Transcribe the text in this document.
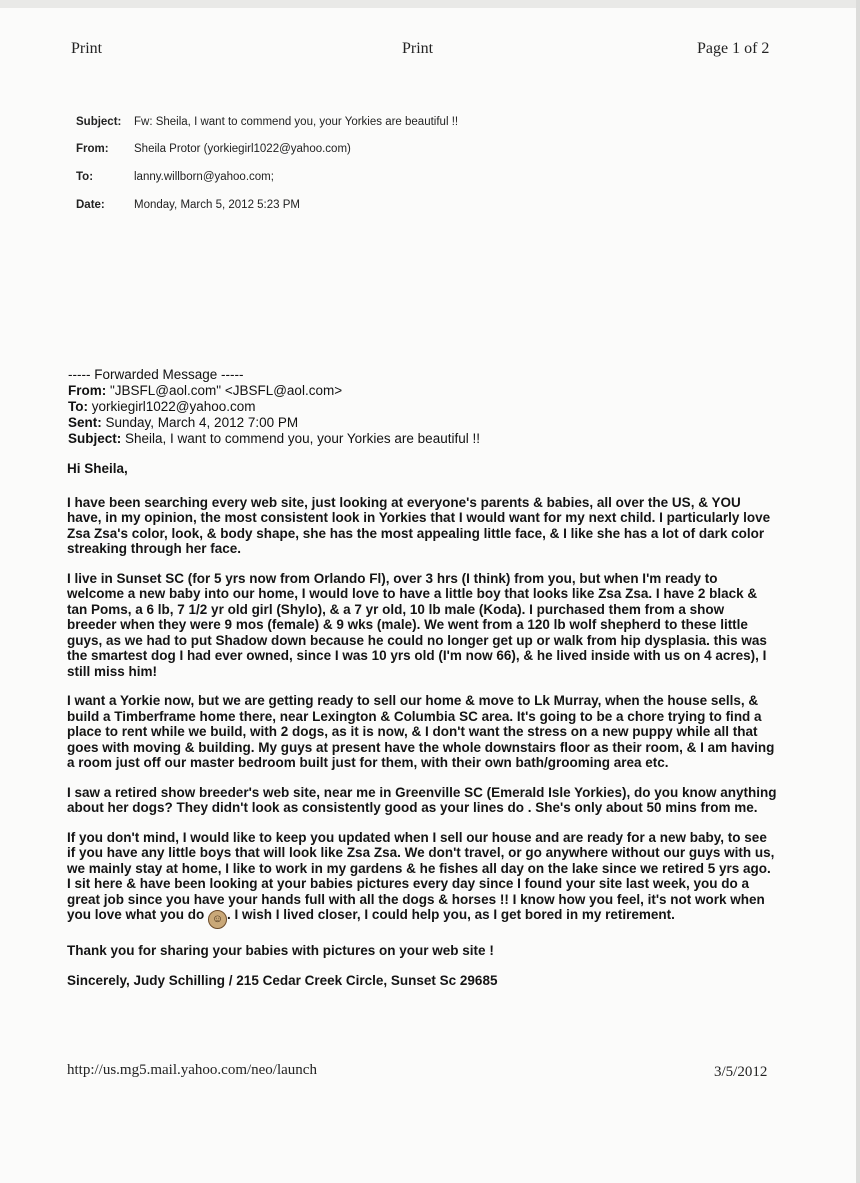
Print	Print	Page 1 of 2
Subject: Fw: Sheila, I want to commend you, your Yorkies are beautiful !!
From: Sheila Protor (yorkiegirl1022@yahoo.com)
To:	lanny.willborn@yahoo.com;
Date:	Monday, March 5, 2012 5:23 PM
----- Forwarded Message -----
From: "JBSFL@aol.com" <JBSFL@aol.com>
To: yorkiegirl1022@yahoo.com
Sent: Sunday, March 4, 2012 7:00 PM
Subject: Sheila, I want to commend you, your Yorkies are beautiful !!

Hi Sheila,

I have been searching every web site, just looking at everyone's parents & babies, all over the US, & YOU have, in my opinion, the most consistent look in Yorkies that I would want for my next child. I particularly love Zsa Zsa's color, look, & body shape, she has the most appealing little face, & I like she has a lot of dark color streaking through her face.

I live in Sunset SC (for 5 yrs now from Orlando Fl), over 3 hrs (I think) from you, but when I'm ready to welcome a new baby into our home, I would love to have a little boy that looks like Zsa Zsa. I have 2 black & tan Poms, a 6 lb, 7 1/2 yr old girl (Shylo), & a 7 yr old, 10 lb male (Koda). I purchased them from a show breeder when they were 9 mos (female) & 9 wks (male). We went from a 120 lb wolf shepherd to these little guys, as we had to put Shadow down because he could no longer get up or walk from hip dysplasia. this was the smartest dog I had ever owned, since I was 10 yrs old (I'm now 66), & he lived inside with us on 4 acres), I still miss him!

I want a Yorkie now, but we are getting ready to sell our home & move to Lk Murray, when the house sells, & build a Timberframe home there, near Lexington & Columbia SC area. It's going to be a chore trying to find a place to rent while we build, with 2 dogs, as it is now, & I don't want the stress on a new puppy while all that goes with moving & building. My guys at present have the whole downstairs floor as their room, & I am having a room just off our master bedroom built just for them, with their own bath/grooming area etc.

I saw a retired show breeder's web site, near me in Greenville SC (Emerald Isle Yorkies), do you know anything about her dogs? They didn't look as consistently good as your lines do . She's only about 50 mins from me.

If you don't mind, I would like to keep you updated when I sell our house and are ready for a new baby, to see if you have any little boys that will look like Zsa Zsa. We don't travel, or go anywhere without our guys with us, we mainly stay at home, I like to work in my gardens & he fishes all day on the lake since we retired 5 yrs ago. I sit here & have been looking at your babies pictures every day since I found your site last week, you do a great job since you have your hands full with all the dogs & horses !! I know how you feel, it's not work when you love what you do ☺ . I wish I lived closer, I could help you, as I get bored in my retirement.

Thank you for sharing your babies with pictures on your web site !

Sincerely, Judy Schilling / 215 Cedar Creek Circle, Sunset Sc 29685

http://us.mg5.mail.yahoo.com/neo/launch	3/5/2012
